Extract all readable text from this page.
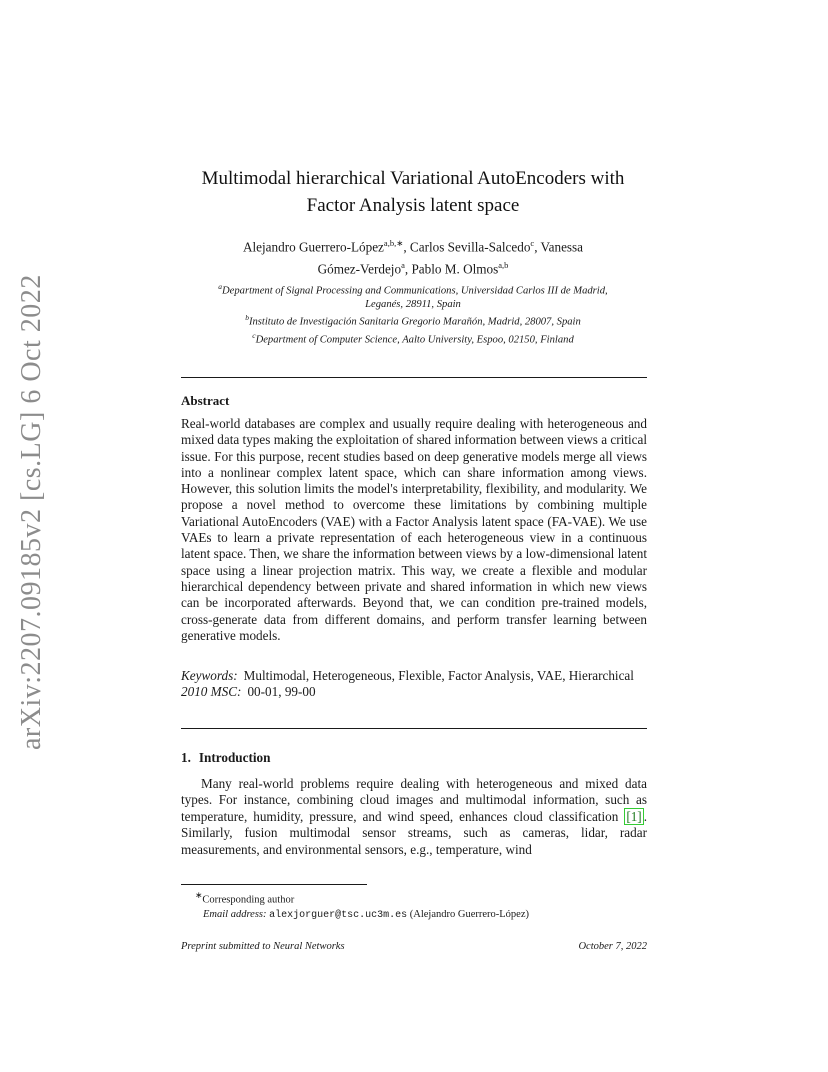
arXiv:2207.09185v2 [cs.LG] 6 Oct 2022
Multimodal hierarchical Variational AutoEncoders with
Factor Analysis latent space
Alejandro Guerrero-López$^{a,b,∗}$, Carlos Sevilla-Salcedo$^c$, Vanessa
Gómez-Verdejo$^a$, Pablo M. Olmos$^{a,b}$
$^a$Department of Signal Processing and Communications, Universidad Carlos III de Madrid,
Leganés, 28911, Spain
$^b$Instituto de Investigación Sanitaria Gregorio Marañón, Madrid, 28007, Spain
$^c$Department of Computer Science, Aalto University, Espoo, 02150, Finland
Abstract
Real-world databases are complex and usually require dealing with heterogeneous and mixed data types making the exploitation of shared information between views a critical issue. For this purpose, recent studies based on deep generative models merge all views into a nonlinear complex latent space, which can share information among views. However, this solution limits the model's interpretability, flexibility, and modularity. We propose a novel method to overcome these limitations by combining multiple Variational AutoEncoders (VAE) with a Factor Analysis latent space (FA-VAE). We use VAEs to learn a private representation of each heterogeneous view in a continuous latent space. Then, we share the information between views by a low-dimensional latent space using a linear projection matrix. This way, we create a flexible and modular hierarchical dependency between private and shared information in which new views can be incorporated afterwards. Beyond that, we can condition pre-trained models, cross-generate data from different domains, and perform transfer learning between generative models.
Keywords: Multimodal, Heterogeneous, Flexible, Factor Analysis, VAE, Hierarchical
2010 MSC: 00-01, 99-00
1. Introduction
Many real-world problems require dealing with heterogeneous and mixed data types. For instance, combining cloud images and multimodal information, such as temperature, humidity, pressure, and wind speed, enhances cloud classification [1] . Similarly, fusion multimodal sensor streams, such as cameras, lidar, radar measurements, and environmental sensors, e.g., temperature, wind
∗Corresponding author
Email address: alexjorguer@tsc.uc3m.es (Alejandro Guerrero-López)
Preprint submitted to Neural Networks	October 7, 2022
